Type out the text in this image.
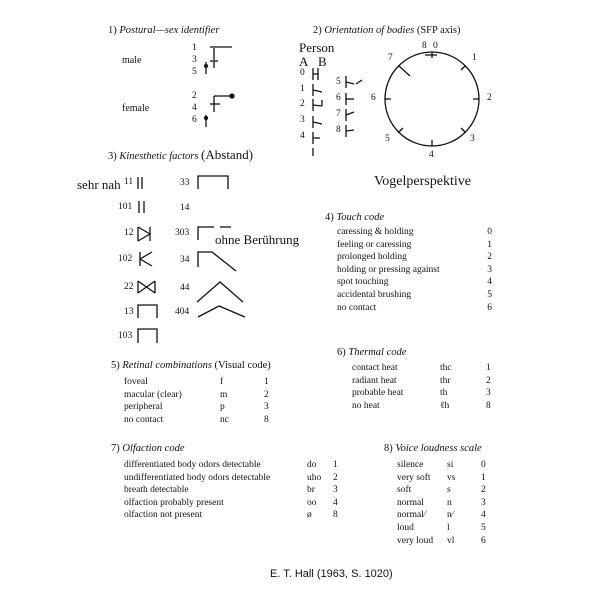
1) Postural—sex identifier
male
female
1
3
5
2
4
6
2) Orientation of bodies (SFP axis)
Person
A B
0
1
2
3
4
5
6
7
8
8 0
1
2
3
4
5
6
7
Vogelperspektive
3) Kinesthetic factors (Abstand)
sehr nah 11
101
12
102
22
13
103
33
14
303
34
44
404
ohne Berührung
4) Touch code
caressing & holding	0
feeling or caressing	1
prolonged holding	2
holding or pressing against	3
spot touching	4
accidental brushing	5
no contact	6
5) Retinal combinations (Visual code)
foveal	f	1
macular (clear)	m	2
peripheral	p	3
no contact	nc	8
6) Thermal code
contact heat	thc	1
radiant heat	thr	2
probable heat	th	3
no heat	ℓh	8
7) Olfaction code
differentiated body odors detectable	do	1
undifferentiated body odors detectable	uho	2
breath detectable	br	3
olfaction probably present	oo	4
olfaction not present	ø	8
8) Voice loudness scale
silence	si	0
very soft	vs	1
soft	s	2
normal	n	3
normal⁄	n⁄	4
loud	l	5
very loud	vl	6
E. T. Hall (1963, S. 1020)
